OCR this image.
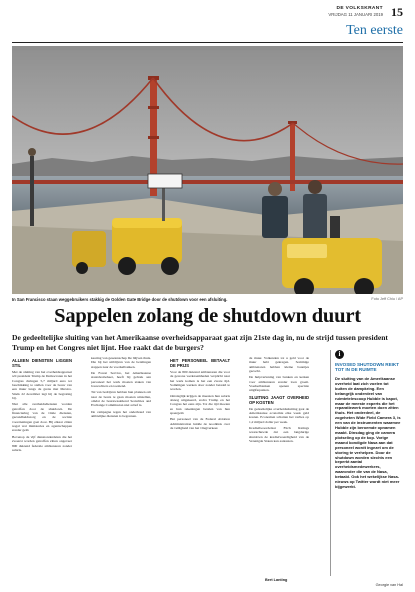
DE VOLKSKRANT
VRIJDAG 11 JANUARI 2019 15
Ten eerste
In San Francisco staan weggebruikers stakkig de Golden Gate Bridge door de shutdown voor een afsluiting.	Foto Jeff Chiu / AP
Sappelen zolang de shutdown duurt
De gedeeltelijke sluiting van het Amerikaanse overheidsapparaat gaat zijn 21ste dag in, nu de strijd tussen president Trump en het Congres niet lijnt. Hoe raakt dat de burgers?
ALLEEN DIENSTEN LIGGEN STIL

Met de sluiting van het overheidsapparaat wil president Trump de Democraten in het Congres dwingen 5,7 miljard euro ter beschikking te stellen voor de bouw van een muur langs de grens met Mexico. Sinds 22 december legt hij de begroting bij.

Niet alle overheidsdiensten worden getroffen door de shutdown. De financiering van de vitale diensten, gezondheidszorg en de sociale voorzieningen gaat door. Bij elkaar zitten nogal wat ministeries en agentschappen zonder geld.

Bovenop de vijf dienstonderdelen die het zwaarst worden getroffen zitten ongeveer 800 duizend federale ambtenaren zonder salaris.

kearing van gesetenschap De blijven thuis. Die bij het uitblijven van de betalingen stappen naar de voedselbanken.

De Forest Service, het Amerikaanse staatsbosbeheer, heeft bij gebrek aan personeel het werk moeten staken van boswachters en toeziend.

Tal van bedrijven hebben hun plannen om naar de beurs te gaan moeten uitstellen, omdat de beurswaakhond Securities and Exchange Commission niet actief is.

De campagne tegen het onderhoud van ambtelijke diensten is begonnen.

HET PERSONEEL BETAALT DE PRIJS

Voor de 800 duizend ambtenaren die voor de gewone werkzaamheden verplicht naar het werk komen is het een zware tijd. Sommigen werken door zonder betaald te worden.

Ontslaglijk krijgen de meesten hun salaris alsnog uitgekeerd, zodra Trump en het Congres het eens zijn. Tot die tijd moeten ze hun rekeningen betalen van hun spaargeld.

Het personeel van de Federal Aviation Administration luidde de noodklok over de veiligheid van het vliegverkeer.

de muur. Volkenden tot u geld voor de muur hebt gekregen. Sommige ambtenaren hebben kleine baantjes gezocht.

De hulpverlening van banken en kerken voor ambtenaren zonder loon groeit. Voedselbanken openen speciale uitgiftepunten.

SLUITING JAAGT OVERHEID OP KOSTEN

De gedeeltelijke overheidssluiting gaat de Amerikaanse economie elke week geld kosten. Economen schatten het verlies op 1,2 miljard dollar per week.

Kredietbeoordelaar Fitch Ratings waarschuwde dat een langdurige shutdown de kredietwaardigheid van de Verenigde Staten kan aantasten.

Bert Lanting
i
INVOSED SHUTDOWN REIKT TOT IN DE RUIMTE
De sluiting van de Amerikaanse overheid laat zich voelen tot buiten de dampkring. Een belangrijk onderdeel van ruimtetelescoop Hubble is kapot, maar de meeste experts die het reparatiewerk moeten doen zitten thuis. Het onderdeel, de zogeheten Wide Field Camera 3, is een van de instrumenten waarmee Hubble zijn beroemde opnamen maakt. Dinsdag ging de camera plotseling op de kop. Vorige maand kondigde Nasa aan dat personeel wordt ingezet om de storing te verhelpen. Door de shutdown worden slechts een beperkt aantal overheidsmedewerkers, waaronder die van de Nasa, betaald. Ook het wekelijkse Nasa-nieuws op Twitter wordt niet meer bijgewerkt.
Georgie van Hal
